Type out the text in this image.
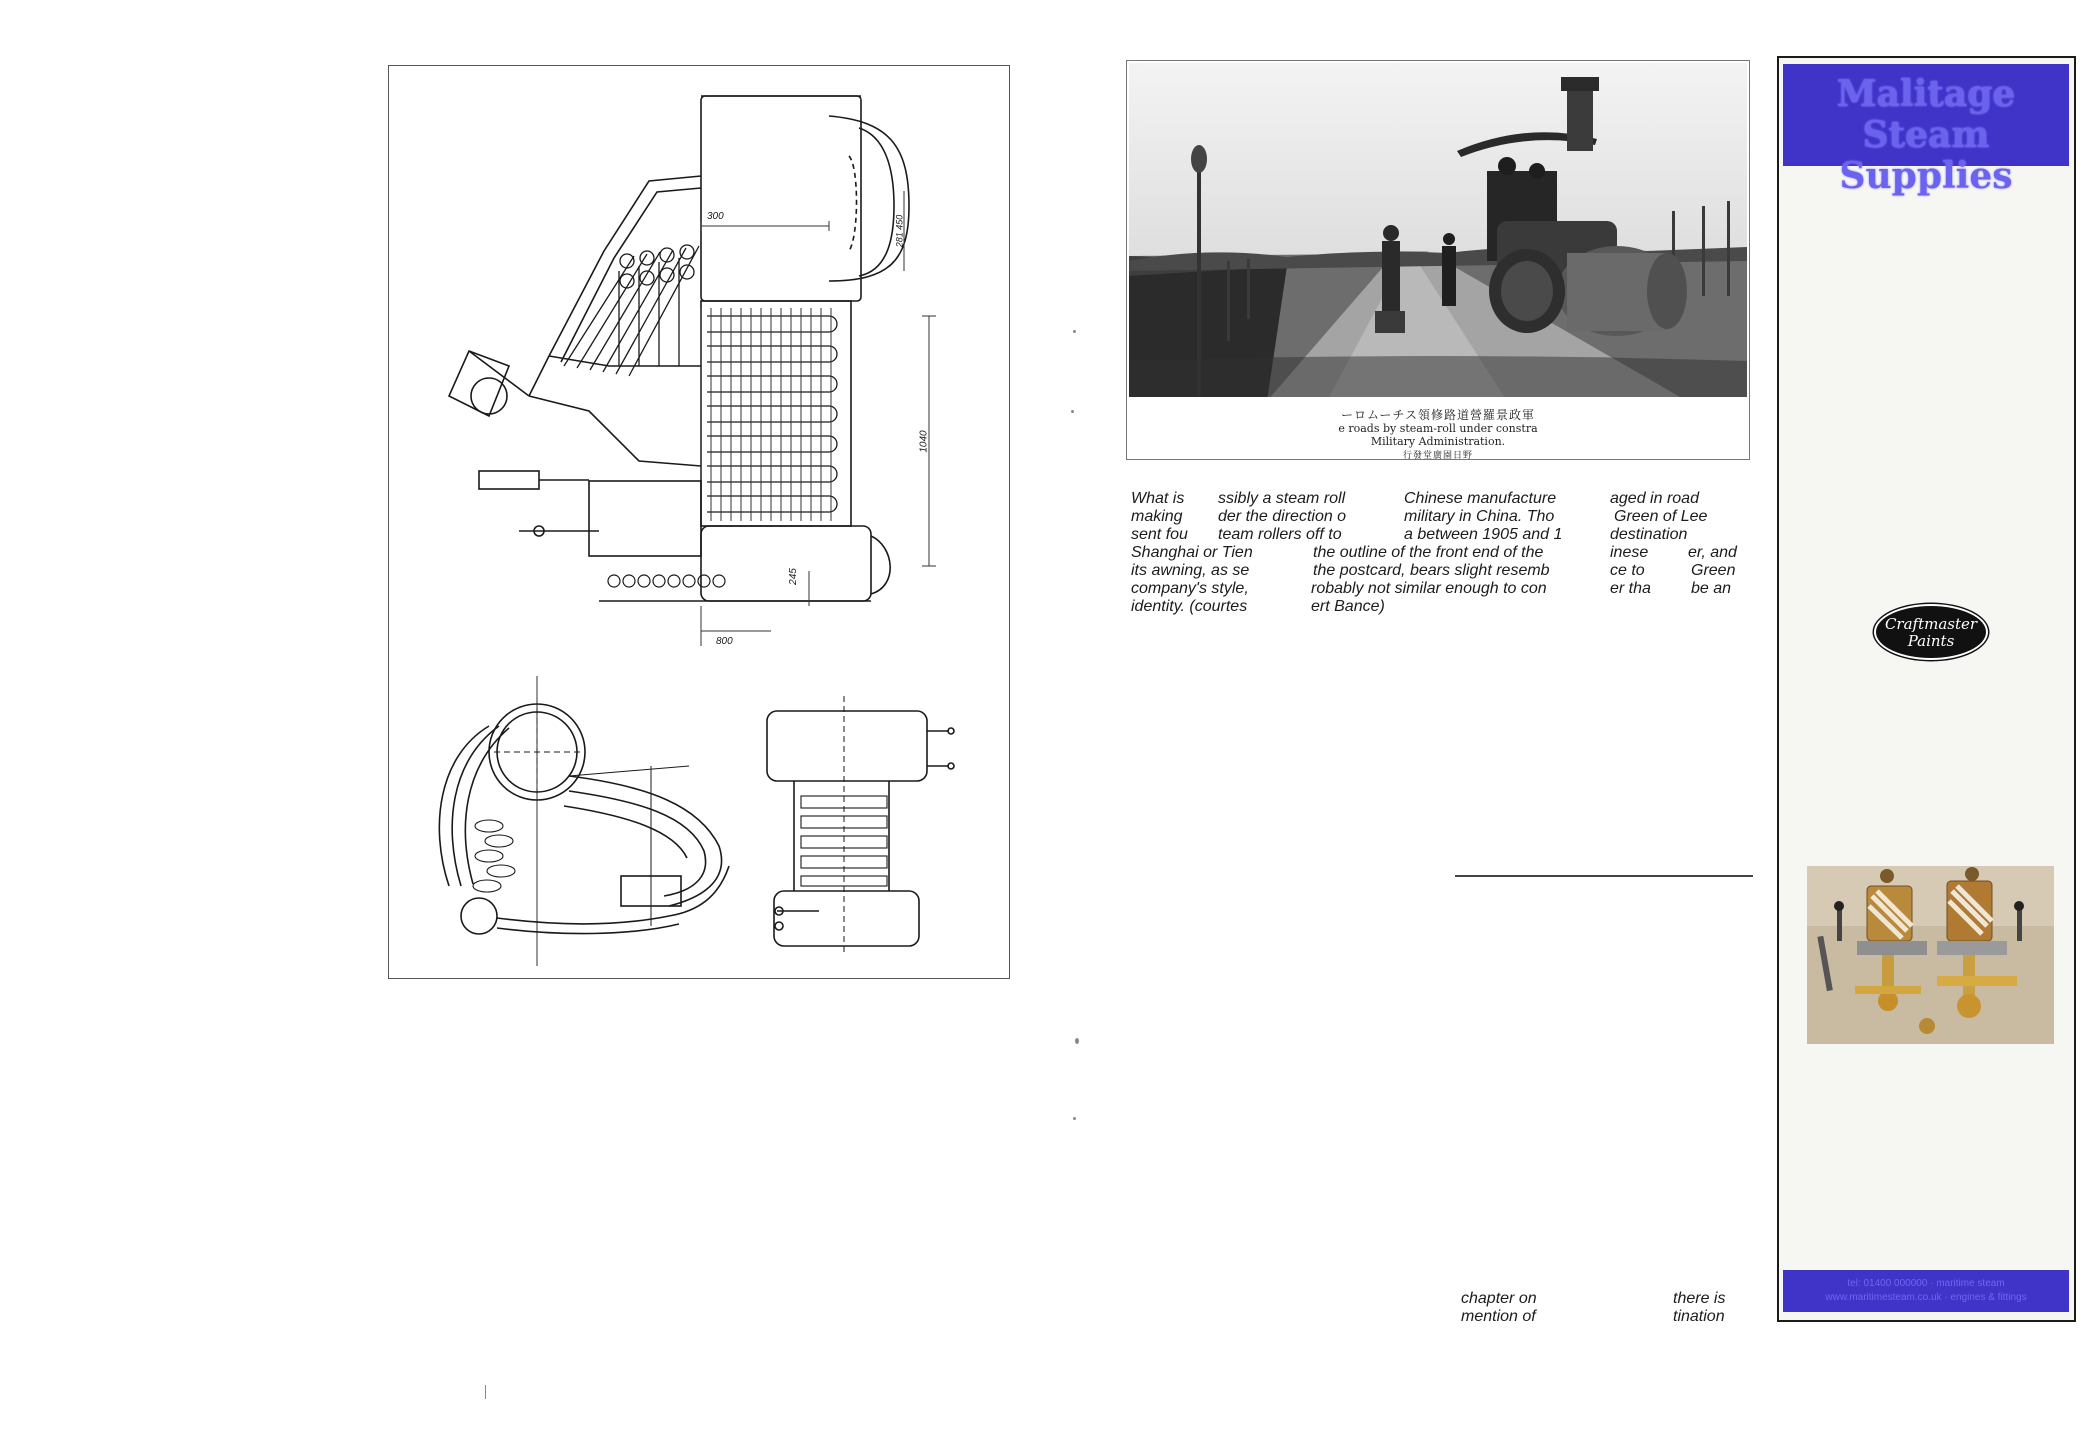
300
1040
281 450
245
800
ーロムーチス領修路道營羅景政軍
e roads by steam-roll under constra
Military Administration.
行發堂廣園日野
What is
making
sent fou
Shanghai or Tien
its awning, as se
company's style,
identity. (courtes
ssibly a steam roll
der the direction o
team rollers off to
Chinese manufacture
military in China. Tho
a between 1905 and 1
the outline of the front end of the
the postcard, bears slight resemb
robably not similar enough to con
ert Bance)
aged in road
Green of Lee
destination
inese
ce to
er tha
er, and
Green
be an
chapter on
mention of
there is
tination
Malitage Steam
Supplies
Craftmaster
Paints
tel: 01400 000000 · maritime steam
www.maritimesteam.co.uk · engines & fittings
